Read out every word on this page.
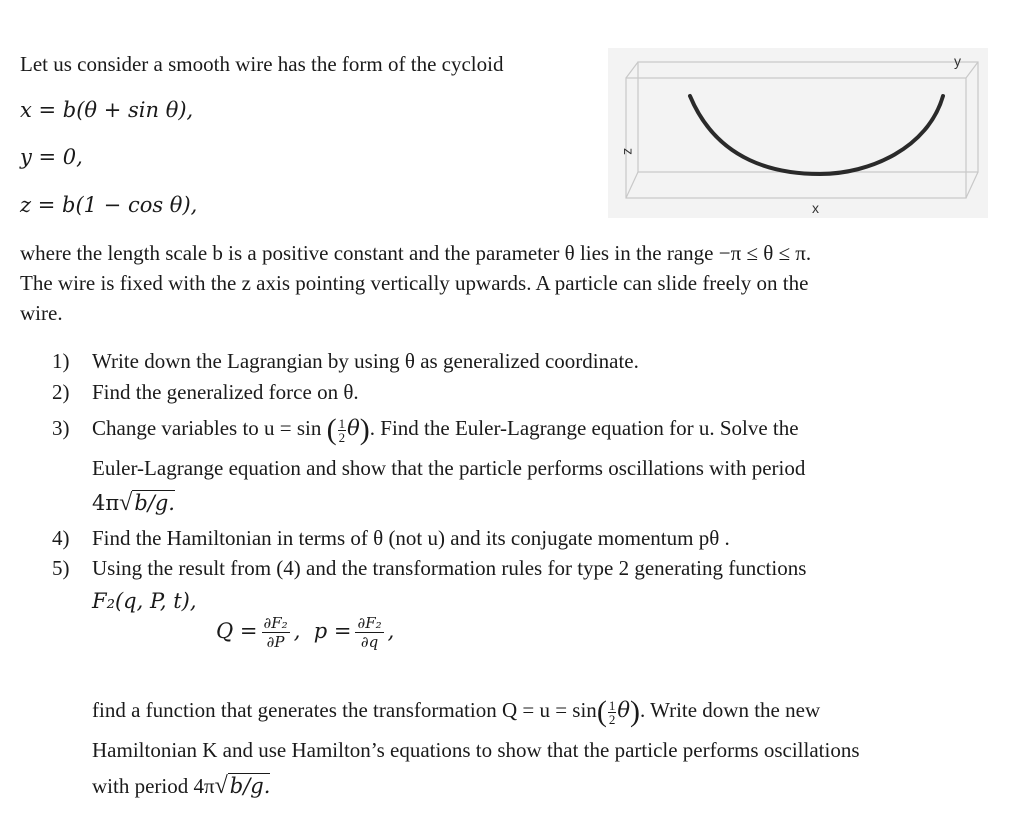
Let us consider a smooth wire has the form of the cycloid
x = b(θ + sin θ),
y = 0,
z = b(1 − cos θ),
y
z
x
where the length scale b is a positive constant and the parameter θ lies in the range −π ≤ θ ≤ π.
The wire is fixed with the z axis pointing vertically upwards. A particle can slide freely on the
wire.
1) Write down the Lagrangian by using θ as generalized coordinate.
2) Find the generalized force on θ.
3) Change variables to u = sin ( $\frac{1}{2} \theta$). Find the Euler-Lagrange equation for u. Solve the
Euler-Lagrange equation and show that the particle performs oscillations with period
4π√b/g.
4) Find the Hamiltonian in terms of θ (not u) and its conjugate momentum pθ .
5) Using the result from (4) and the transformation rules for type 2 generating functions
F₂(q, P, t),
$Q = \frac{\text{∂F₂}}{\partial P}$ , $p = \frac{\text{∂F₂}}{\partial q}$ ,
find a function that generates the transformation $Q = u = \sin( \frac{1}{2} \theta)$. Write down the new
Hamiltonian K and use Hamilton’s equations to show that the particle performs oscillations
with period 4π√b/g.
